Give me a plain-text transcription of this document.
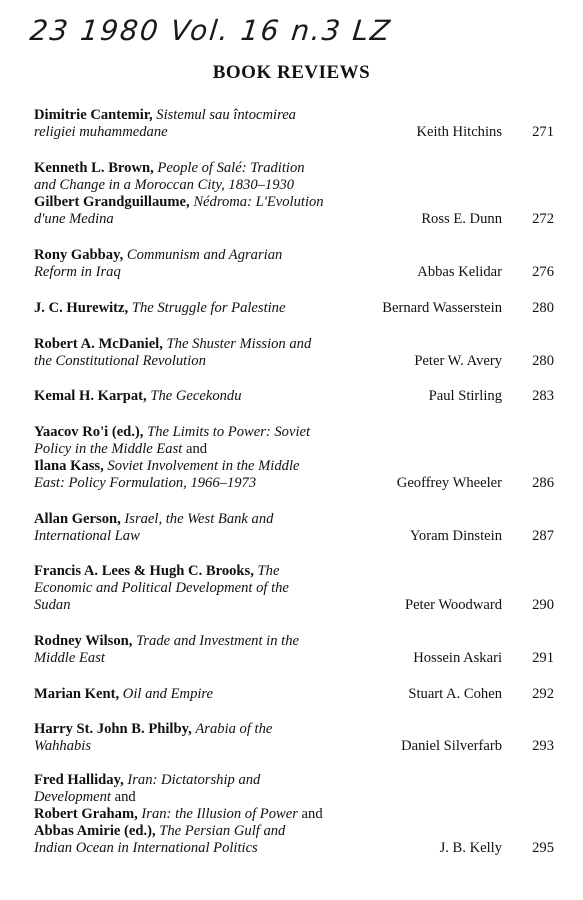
23 1980 Vol. 16 n.3 LZ
BOOK REVIEWS
Dimitrie Cantemir, Sistemul sau întocmirea
religiei muhammedane	Keith Hitchins 271
Kenneth L. Brown, People of Salé: Tradition
and Change in a Moroccan City, 1830–1930
Gilbert Grandguillaume, Nédroma: L'Evolution
d'une Medina	Ross E. Dunn 272
Rony Gabbay, Communism and Agrarian
Reform in Iraq	Abbas Kelidar 276
J. C. Hurewitz, The Struggle for Palestine	Bernard Wasserstein 280
Robert A. McDaniel, The Shuster Mission and
the Constitutional Revolution	Peter W. Avery 280
Kemal H. Karpat, The Gecekondu	Paul Stirling 283
Yaacov Ro'i (ed.), The Limits to Power: Soviet
Policy in the Middle East and
Ilana Kass, Soviet Involvement in the Middle
East: Policy Formulation, 1966–1973	Geoffrey Wheeler 286
Allan Gerson, Israel, the West Bank and
International Law	Yoram Dinstein 287
Francis A. Lees & Hugh C. Brooks, The
Economic and Political Development of the
Sudan	Peter Woodward 290
Rodney Wilson, Trade and Investment in the
Middle East	Hossein Askari 291
Marian Kent, Oil and Empire	Stuart A. Cohen 292
Harry St. John B. Philby, Arabia of the
Wahhabis	Daniel Silverfarb 293
Fred Halliday, Iran: Dictatorship and
Development and
Robert Graham, Iran: the Illusion of Power and
Abbas Amirie (ed.), The Persian Gulf and
Indian Ocean in International Politics	J. B. Kelly 295
